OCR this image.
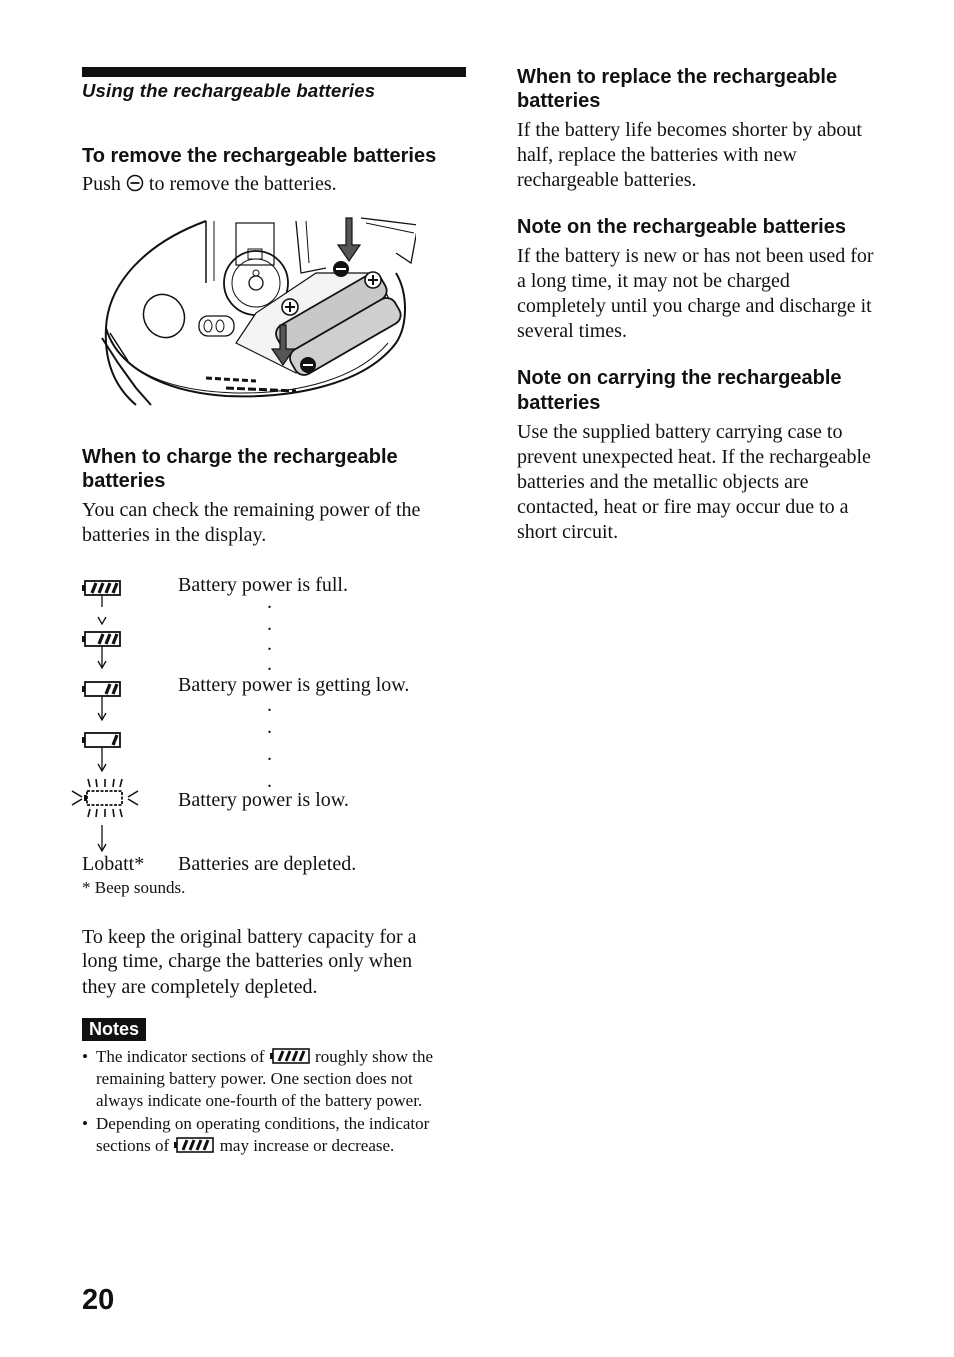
Using the rechargeable batteries
To remove the rechargeable batteries
Push to remove the batteries.
When to charge the rechargeable
batteries
You can check the remaining power of the
batteries in the display.
Battery power is full.
.
.
.
.
Battery power is getting low.
.
.
.
.
Battery power is low.
Lobatt* Batteries are depleted.
* Beep sounds.
To keep the original battery capacity for a
long time, charge the batteries only when
they are completely depleted.
Notes
• The indicator sections of	roughly show the
remaining battery power. One section does not
always indicate one-fourth of the battery power.
• Depending on operating conditions, the indicator
sections of	may increase or decrease.
When to replace the rechargeable
batteries
If the battery life becomes shorter by about
half, replace the batteries with new
rechargeable batteries.
Note on the rechargeable batteries
If the battery is new or has not been used for
a long time, it may not be charged
completely until you charge and discharge it
several times.
Note on carrying the rechargeable
batteries
Use the supplied battery carrying case to
prevent unexpected heat. If the rechargeable
batteries and the metallic objects are
contacted, heat or fire may occur due to a
short circuit.
20
